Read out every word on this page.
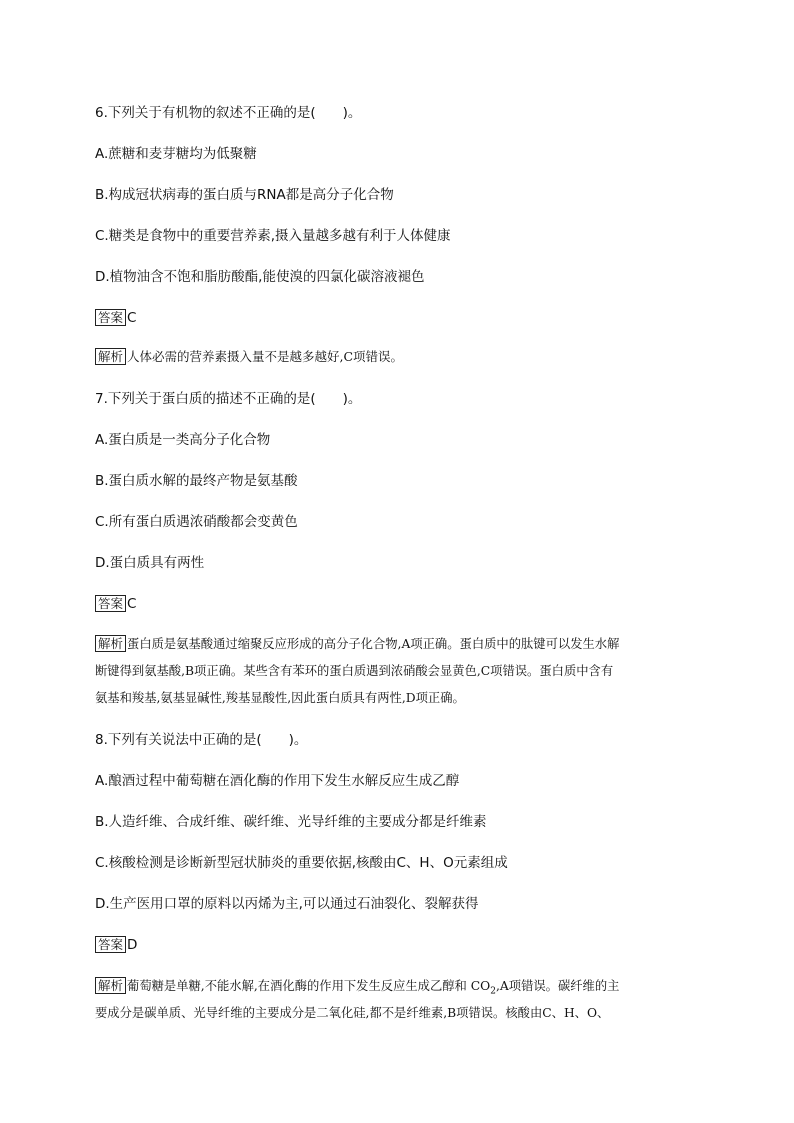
6.下列关于有机物的叙述不正确的是(　　)。
A.蔗糖和麦芽糖均为低聚糖
B.构成冠状病毒的蛋白质与RNA都是高分子化合物
C.糖类是食物中的重要营养素,摄入量越多越有利于人体健康
D.植物油含不饱和脂肪酸酯,能使溴的四氯化碳溶液褪色
答案 C
解析 人体必需的营养素摄入量不是越多越好,C项错误。
7.下列关于蛋白质的描述不正确的是(　　)。
A.蛋白质是一类高分子化合物
B.蛋白质水解的最终产物是氨基酸
C.所有蛋白质遇浓硝酸都会变黄色
D.蛋白质具有两性
答案 C
解析 蛋白质是氨基酸通过缩聚反应形成的高分子化合物,A项正确。蛋白质中的肽键可以发生水解
断键得到氨基酸,B项正确。某些含有苯环的蛋白质遇到浓硝酸会显黄色,C项错误。蛋白质中含有
氨基和羧基,氨基显碱性,羧基显酸性,因此蛋白质具有两性,D项正确。
8.下列有关说法中正确的是(　　)。
A.酿酒过程中葡萄糖在酒化酶的作用下发生水解反应生成乙醇
B.人造纤维、合成纤维、碳纤维、光导纤维的主要成分都是纤维素
C.核酸检测是诊断新型冠状肺炎的重要依据,核酸由C、H、O元素组成
D.生产医用口罩的原料以丙烯为主,可以通过石油裂化、裂解获得
答案 D
解析 葡萄糖是单糖,不能水解,在酒化酶的作用下发生反应生成乙醇和 $CO_2,A$项错误。碳纤维的主
要成分是碳单质、光导纤维的主要成分是二氧化硅,都不是纤维素,B项错误。核酸由C、H、O、
